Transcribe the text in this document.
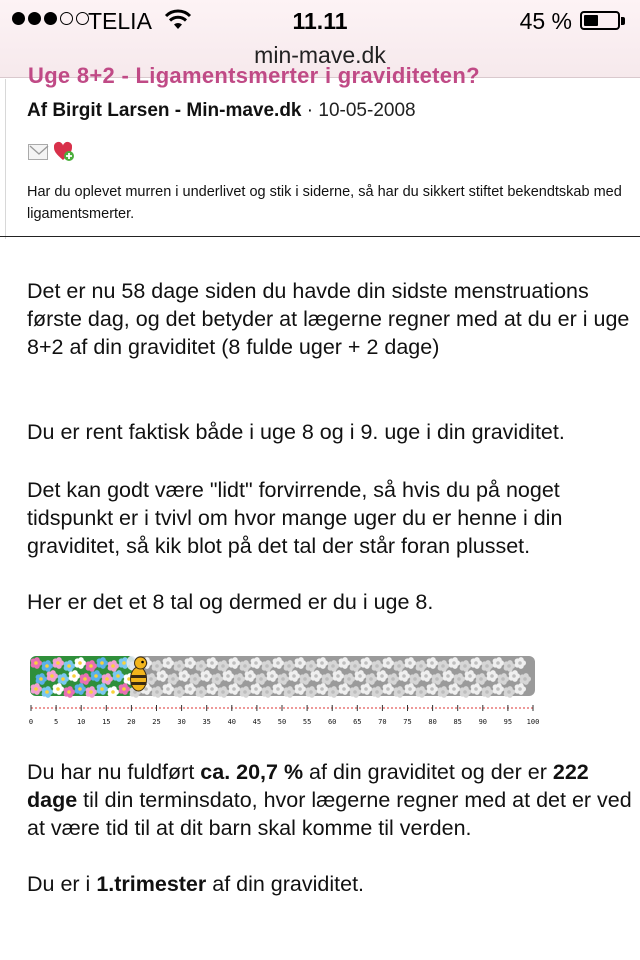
TELIA	11.11	45 %
min-mave.dk
Uge 8+2 - Ligamentsmerter i graviditeten?
Af Birgit Larsen - Min-mave.dk · 10-05-2008
Har du oplevet murren i underlivet og stik i siderne, så har du sikkert stiftet bekendtskab med ligamentsmerter.
Det er nu 58 dage siden du havde din sidste menstruations første dag, og det betyder at lægerne regner med at du er i uge 8+2 af din graviditet (8 fulde uger + 2 dage)
Du er rent faktisk både i uge 8 og i 9. uge i din graviditet.
Det kan godt være "lidt" forvirrende, så hvis du på noget tidspunkt er i tvivl om hvor mange uger du er henne i din graviditet, så kik blot på det tal der står foran plusset.
Her er det et 8 tal og dermed er du i uge 8.
0	5	10 15 20 25 30 35 40 45 50 55 60 65 70 75 80 85 90 95 100
Du har nu fuldført ca. 20,7 % af din graviditet og der er 222 dage til din terminsdato, hvor lægerne regner med at det er ved at være tid til at dit barn skal komme til verden.
Du er i 1.trimester af din graviditet.
